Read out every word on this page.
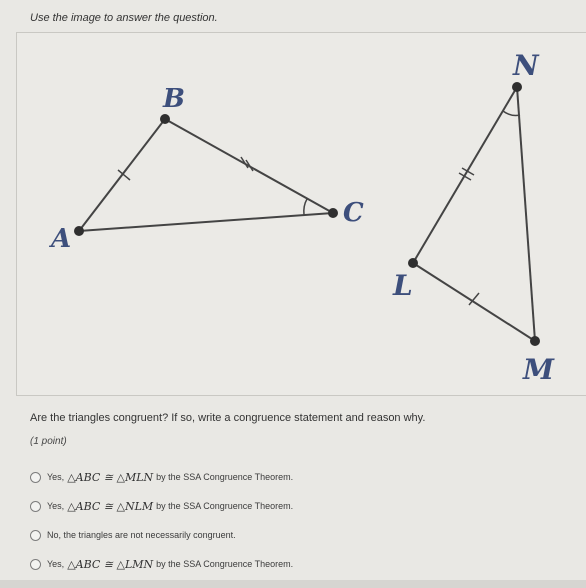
Use the image to answer the question.
A
B
C
N
L
M
Are the triangles congruent? If so, write a congruence statement and reason why.
(1 point)
Yes, △ABC ≅ △MLN by the SSA Congruence Theorem.
Yes, △ABC ≅ △NLM by the SSA Congruence Theorem.
No, the triangles are not necessarily congruent.
Yes, △ABC ≅ △LMN by the SSA Congruence Theorem.
